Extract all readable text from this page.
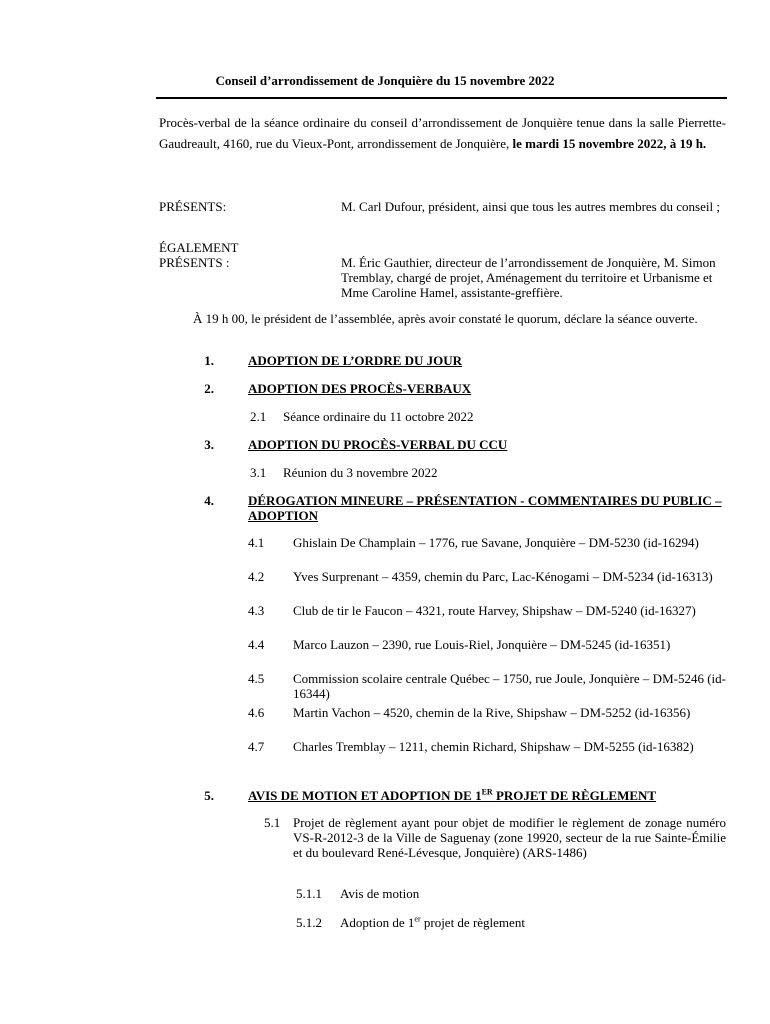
Conseil d’arrondissement de Jonquière du 15 novembre 2022
Procès-verbal de la séance ordinaire du conseil d’arrondissement de Jonquière tenue dans la salle Pierrette-Gaudreault, 4160, rue du Vieux-Pont, arrondissement de Jonquière, le mardi 15 novembre 2022, à 19 h.
PRÉSENTS:	M. Carl Dufour, président, ainsi que tous les autres membres du conseil ;
ÉGALEMENT
PRÉSENTS :	M. Éric Gauthier, directeur de l’arrondissement de Jonquière, M. Simon Tremblay, chargé de projet, Aménagement du territoire et Urbanisme et Mme Caroline Hamel, assistante-greffière.
À 19 h 00, le président de l’assemblée, après avoir constaté le quorum, déclare la séance ouverte.
1.	ADOPTION DE L’ORDRE DU JOUR
2.	ADOPTION DES PROCÈS-VERBAUX
2.1 Séance ordinaire du 11 octobre 2022
3.	ADOPTION DU PROCÈS-VERBAL DU CCU
3.1 Réunion du 3 novembre 2022
4.	DÉROGATION MINEURE – PRÉSENTATION - COMMENTAIRES DU PUBLIC – ADOPTION
4.1 Ghislain De Champlain – 1776, rue Savane, Jonquière – DM-5230 (id-16294)
4.2 Yves Surprenant – 4359, chemin du Parc, Lac-Kénogami – DM-5234 (id-16313)
4.3 Club de tir le Faucon – 4321, route Harvey, Shipshaw – DM-5240 (id-16327)
4.4 Marco Lauzon – 2390, rue Louis-Riel, Jonquière – DM-5245 (id-16351)
4.5 Commission scolaire centrale Québec – 1750, rue Joule, Jonquière – DM-5246 (id-16344)
4.6 Martin Vachon – 4520, chemin de la Rive, Shipshaw – DM-5252 (id-16356)
4.7 Charles Tremblay – 1211, chemin Richard, Shipshaw – DM-5255 (id-16382)
5.	AVIS DE MOTION ET ADOPTION DE 1ER PROJET DE RÈGLEMENT
5.1 Projet de règlement ayant pour objet de modifier le règlement de zonage numéro VS-R-2012-3 de la Ville de Saguenay (zone 19920, secteur de la rue Sainte-Émilie et du boulevard René-Lévesque, Jonquière) (ARS-1486)
5.1.1 Avis de motion
5.1.2 Adoption de 1er projet de règlement
